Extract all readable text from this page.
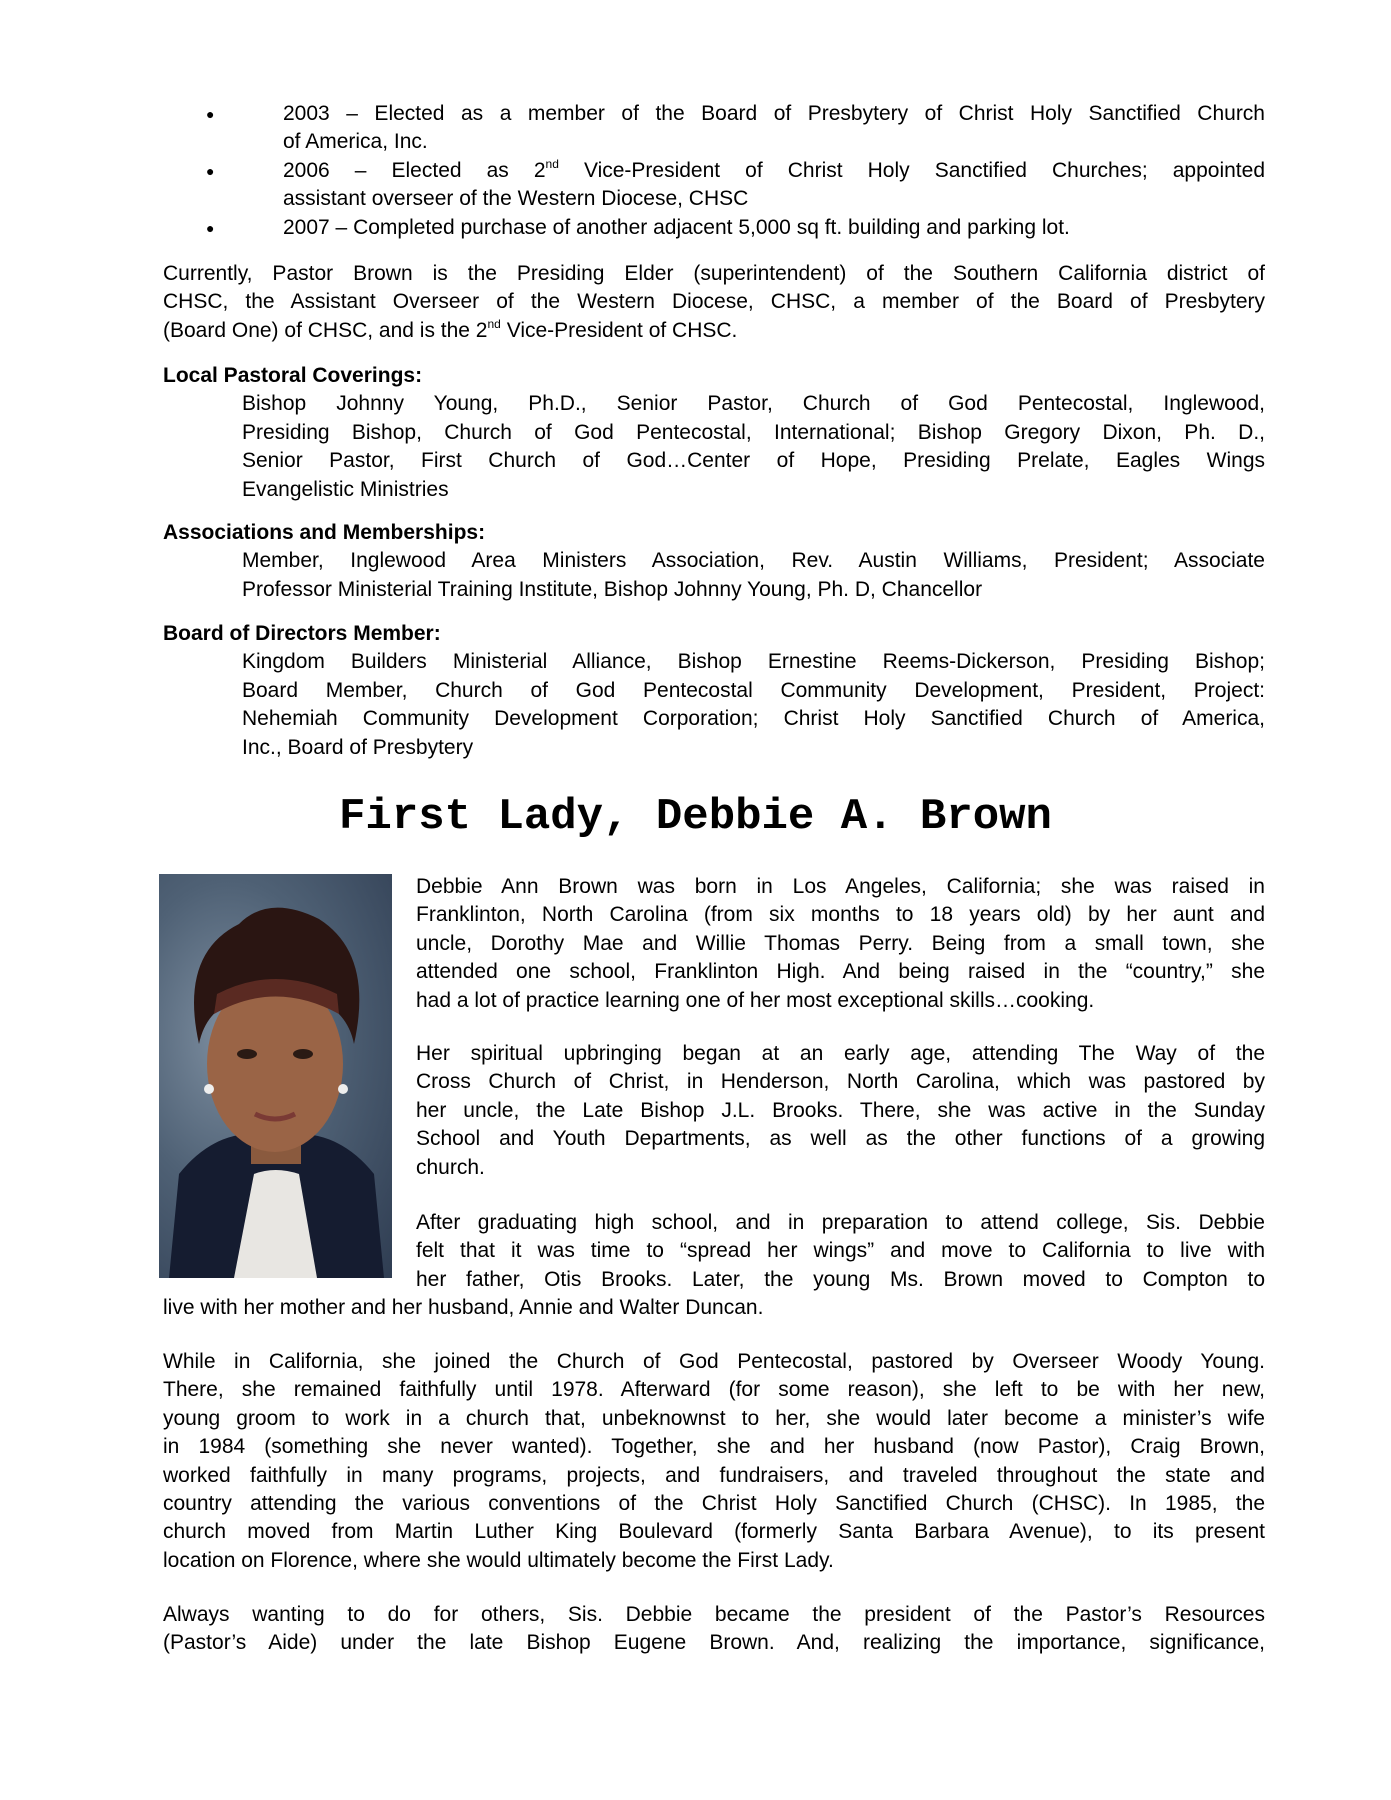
●	2003 – Elected as a member of the Board of Presbytery of Christ Holy Sanctified Church
of America, Inc.
●	2006 – Elected as 2nd Vice-President of Christ Holy Sanctified Churches; appointed
assistant overseer of the Western Diocese, CHSC
●	2007 – Completed purchase of another adjacent 5,000 sq ft. building and parking lot.
Currently, Pastor Brown is the Presiding Elder (superintendent) of the Southern California district of
CHSC, the Assistant Overseer of the Western Diocese, CHSC, a member of the Board of Presbytery
(Board One) of CHSC, and is the 2nd Vice-President of CHSC.
Local Pastoral Coverings:
Bishop Johnny Young, Ph.D., Senior Pastor, Church of God Pentecostal, Inglewood,
Presiding Bishop, Church of God Pentecostal, International; Bishop Gregory Dixon, Ph. D.,
Senior Pastor, First Church of God…Center of Hope, Presiding Prelate, Eagles Wings
Evangelistic Ministries
Associations and Memberships:
Member, Inglewood Area Ministers Association, Rev. Austin Williams, President; Associate
Professor Ministerial Training Institute, Bishop Johnny Young, Ph. D, Chancellor
Board of Directors Member:
Kingdom Builders Ministerial Alliance, Bishop Ernestine Reems-Dickerson, Presiding Bishop;
Board Member, Church of God Pentecostal Community Development, President, Project:
Nehemiah Community Development Corporation; Christ Holy Sanctified Church of America,
Inc., Board of Presbytery
First Lady, Debbie A. Brown
Debbie Ann Brown was born in Los Angeles, California; she was raised in
Franklinton, North Carolina (from six months to 18 years old) by her aunt and
uncle, Dorothy Mae and Willie Thomas Perry. Being from a small town, she
attended one school, Franklinton High. And being raised in the “country,” she
had a lot of practice learning one of her most exceptional skills…cooking.
Her spiritual upbringing began at an early age, attending The Way of the
Cross Church of Christ, in Henderson, North Carolina, which was pastored by
her uncle, the Late Bishop J.L. Brooks. There, she was active in the Sunday
School and Youth Departments, as well as the other functions of a growing
church.
After graduating high school, and in preparation to attend college, Sis. Debbie
felt that it was time to “spread her wings” and move to California to live with
her father, Otis Brooks. Later, the young Ms. Brown moved to Compton to
live with her mother and her husband, Annie and Walter Duncan.
While in California, she joined the Church of God Pentecostal, pastored by Overseer Woody Young.
There, she remained faithfully until 1978. Afterward (for some reason), she left to be with her new,
young groom to work in a church that, unbeknownst to her, she would later become a minister’s wife
in 1984 (something she never wanted). Together, she and her husband (now Pastor), Craig Brown,
worked faithfully in many programs, projects, and fundraisers, and traveled throughout the state and
country attending the various conventions of the Christ Holy Sanctified Church (CHSC). In 1985, the
church moved from Martin Luther King Boulevard (formerly Santa Barbara Avenue), to its present
location on Florence, where she would ultimately become the First Lady.
Always wanting to do for others, Sis. Debbie became the president of the Pastor’s Resources
(Pastor’s Aide) under the late Bishop Eugene Brown. And, realizing the importance, significance,
